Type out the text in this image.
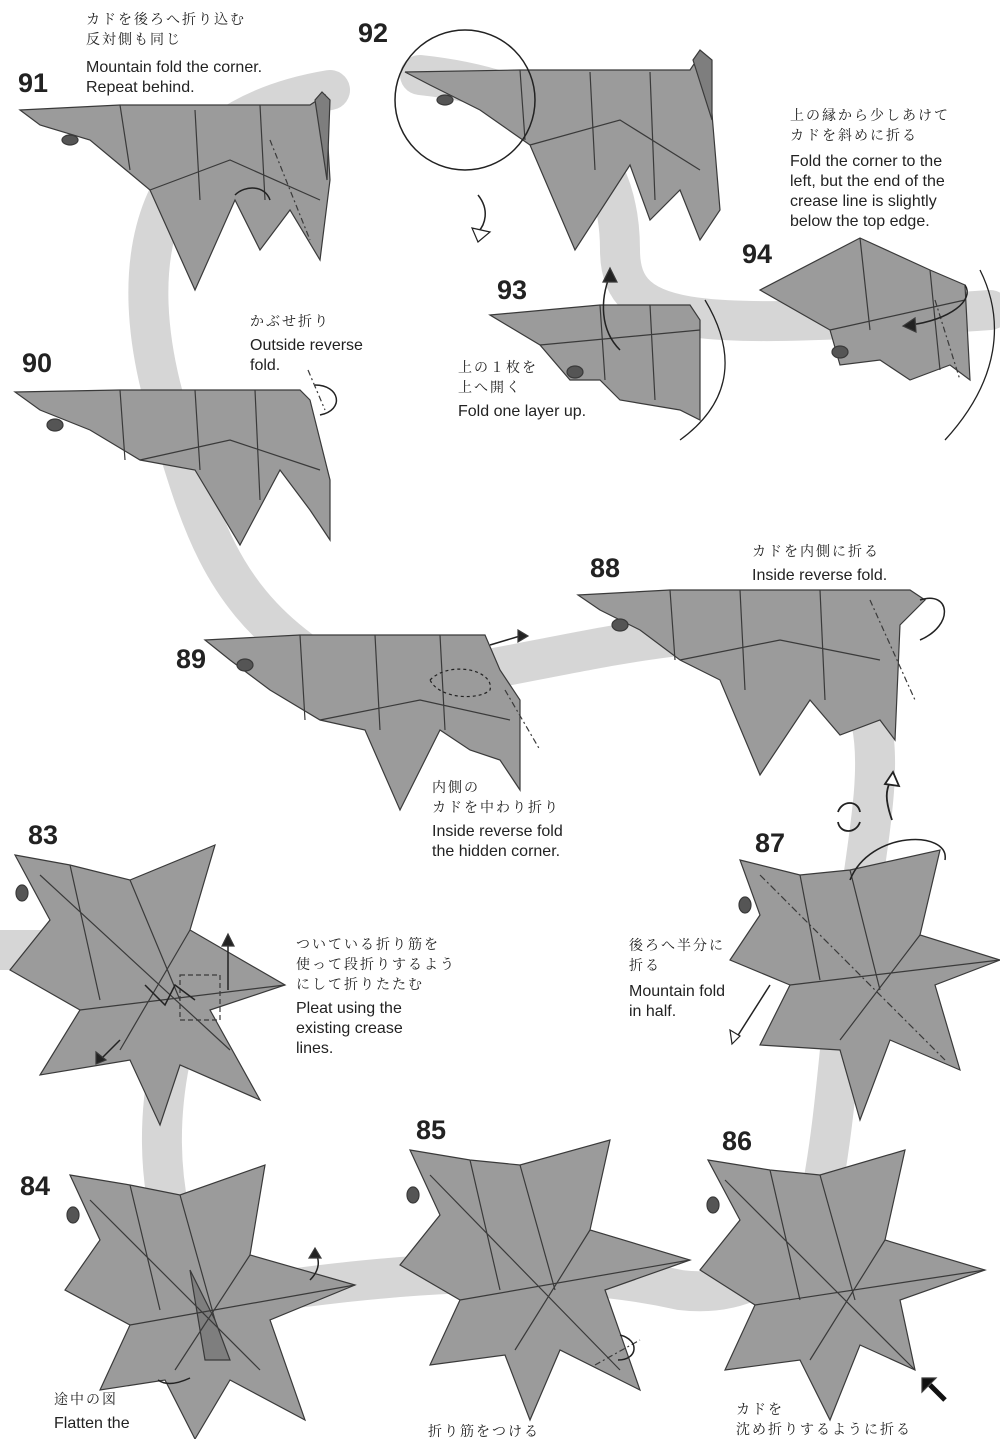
91
92
93
94
90
88
89
83	87
84
85	86
カドを後ろへ折り込む
反対側も同じ
Mountain fold the corner.
Repeat behind.
上の縁から少しあけて
カドを斜めに折る
Fold the corner to the
left, but the end of the
crease line is slightly
below the top edge.
上の１枚を
上へ開く
Fold one layer up.
かぶせ折り
Outside reverse
fold.
カドを内側に折る
Inside reverse fold.
内側の
カドを中わり折り
Inside reverse fold
the hidden corner.
ついている折り筋を
使って段折りするよう
にして折りたたむ
Pleat using the
existing crease
lines.
後ろへ半分に
折る
Mountain fold
in half.
途中の図
Flatten the	折り筋をつける
カドを
沈め折りするように折る
